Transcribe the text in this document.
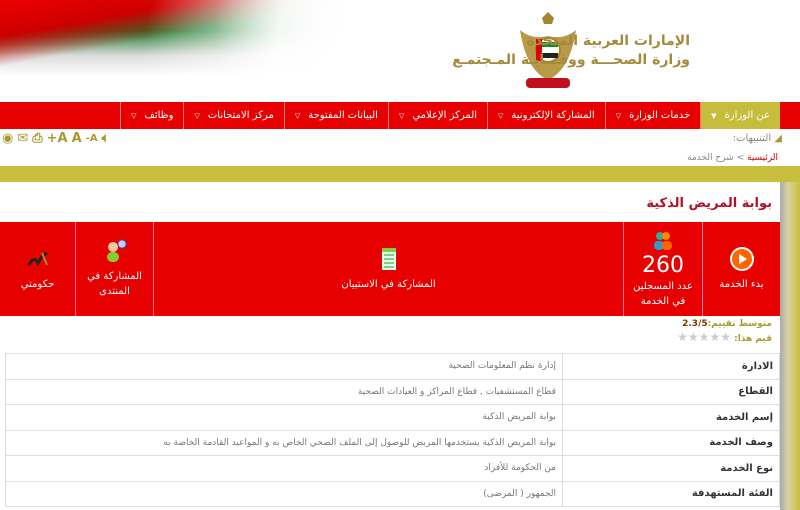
الإمارات العربية المتحدة
وزارة الصحـــة ووقـــايـة المـجتمـع
عن الوزارة
▼
خدمات الوزارة
▽
المشاركة الإلكترونية
▽
المركز الإعلامي
▽
البيانات المفتوحة
▽
مركز الامتحانات
▽
وظائف
▽
◉ ✉ ⎙ +A A -A 🔈︎	◢ التنبيهات:
الرئيسية > شرح الخدمة
بوابة المريض الذكية
بدء الخدمة
260
عدد المسجلين في الخدمة
المشاركة في الاستبيان
المشاركة في المنتدى
حكومتي
متوسط تقييم:2.3/5
قيم هذا: ★★★★★
الادارة	إدارة نظم المعلومات الصحية
القطاع	قطاع المستشفيات , قطاع المراكز و العيادات الصحية
إسم الخدمة	بوابة المريض الذكية
وصف الخدمة	بوابة المريض الذكية يستخدمها المريض للوصول إلى الملف الصحي الخاص به و المواعيد القادمة الخاصة به
نوع الخدمة	من الحكومة للأفراد
الفئة المستهدفة	الجمهور ( المرضى)
